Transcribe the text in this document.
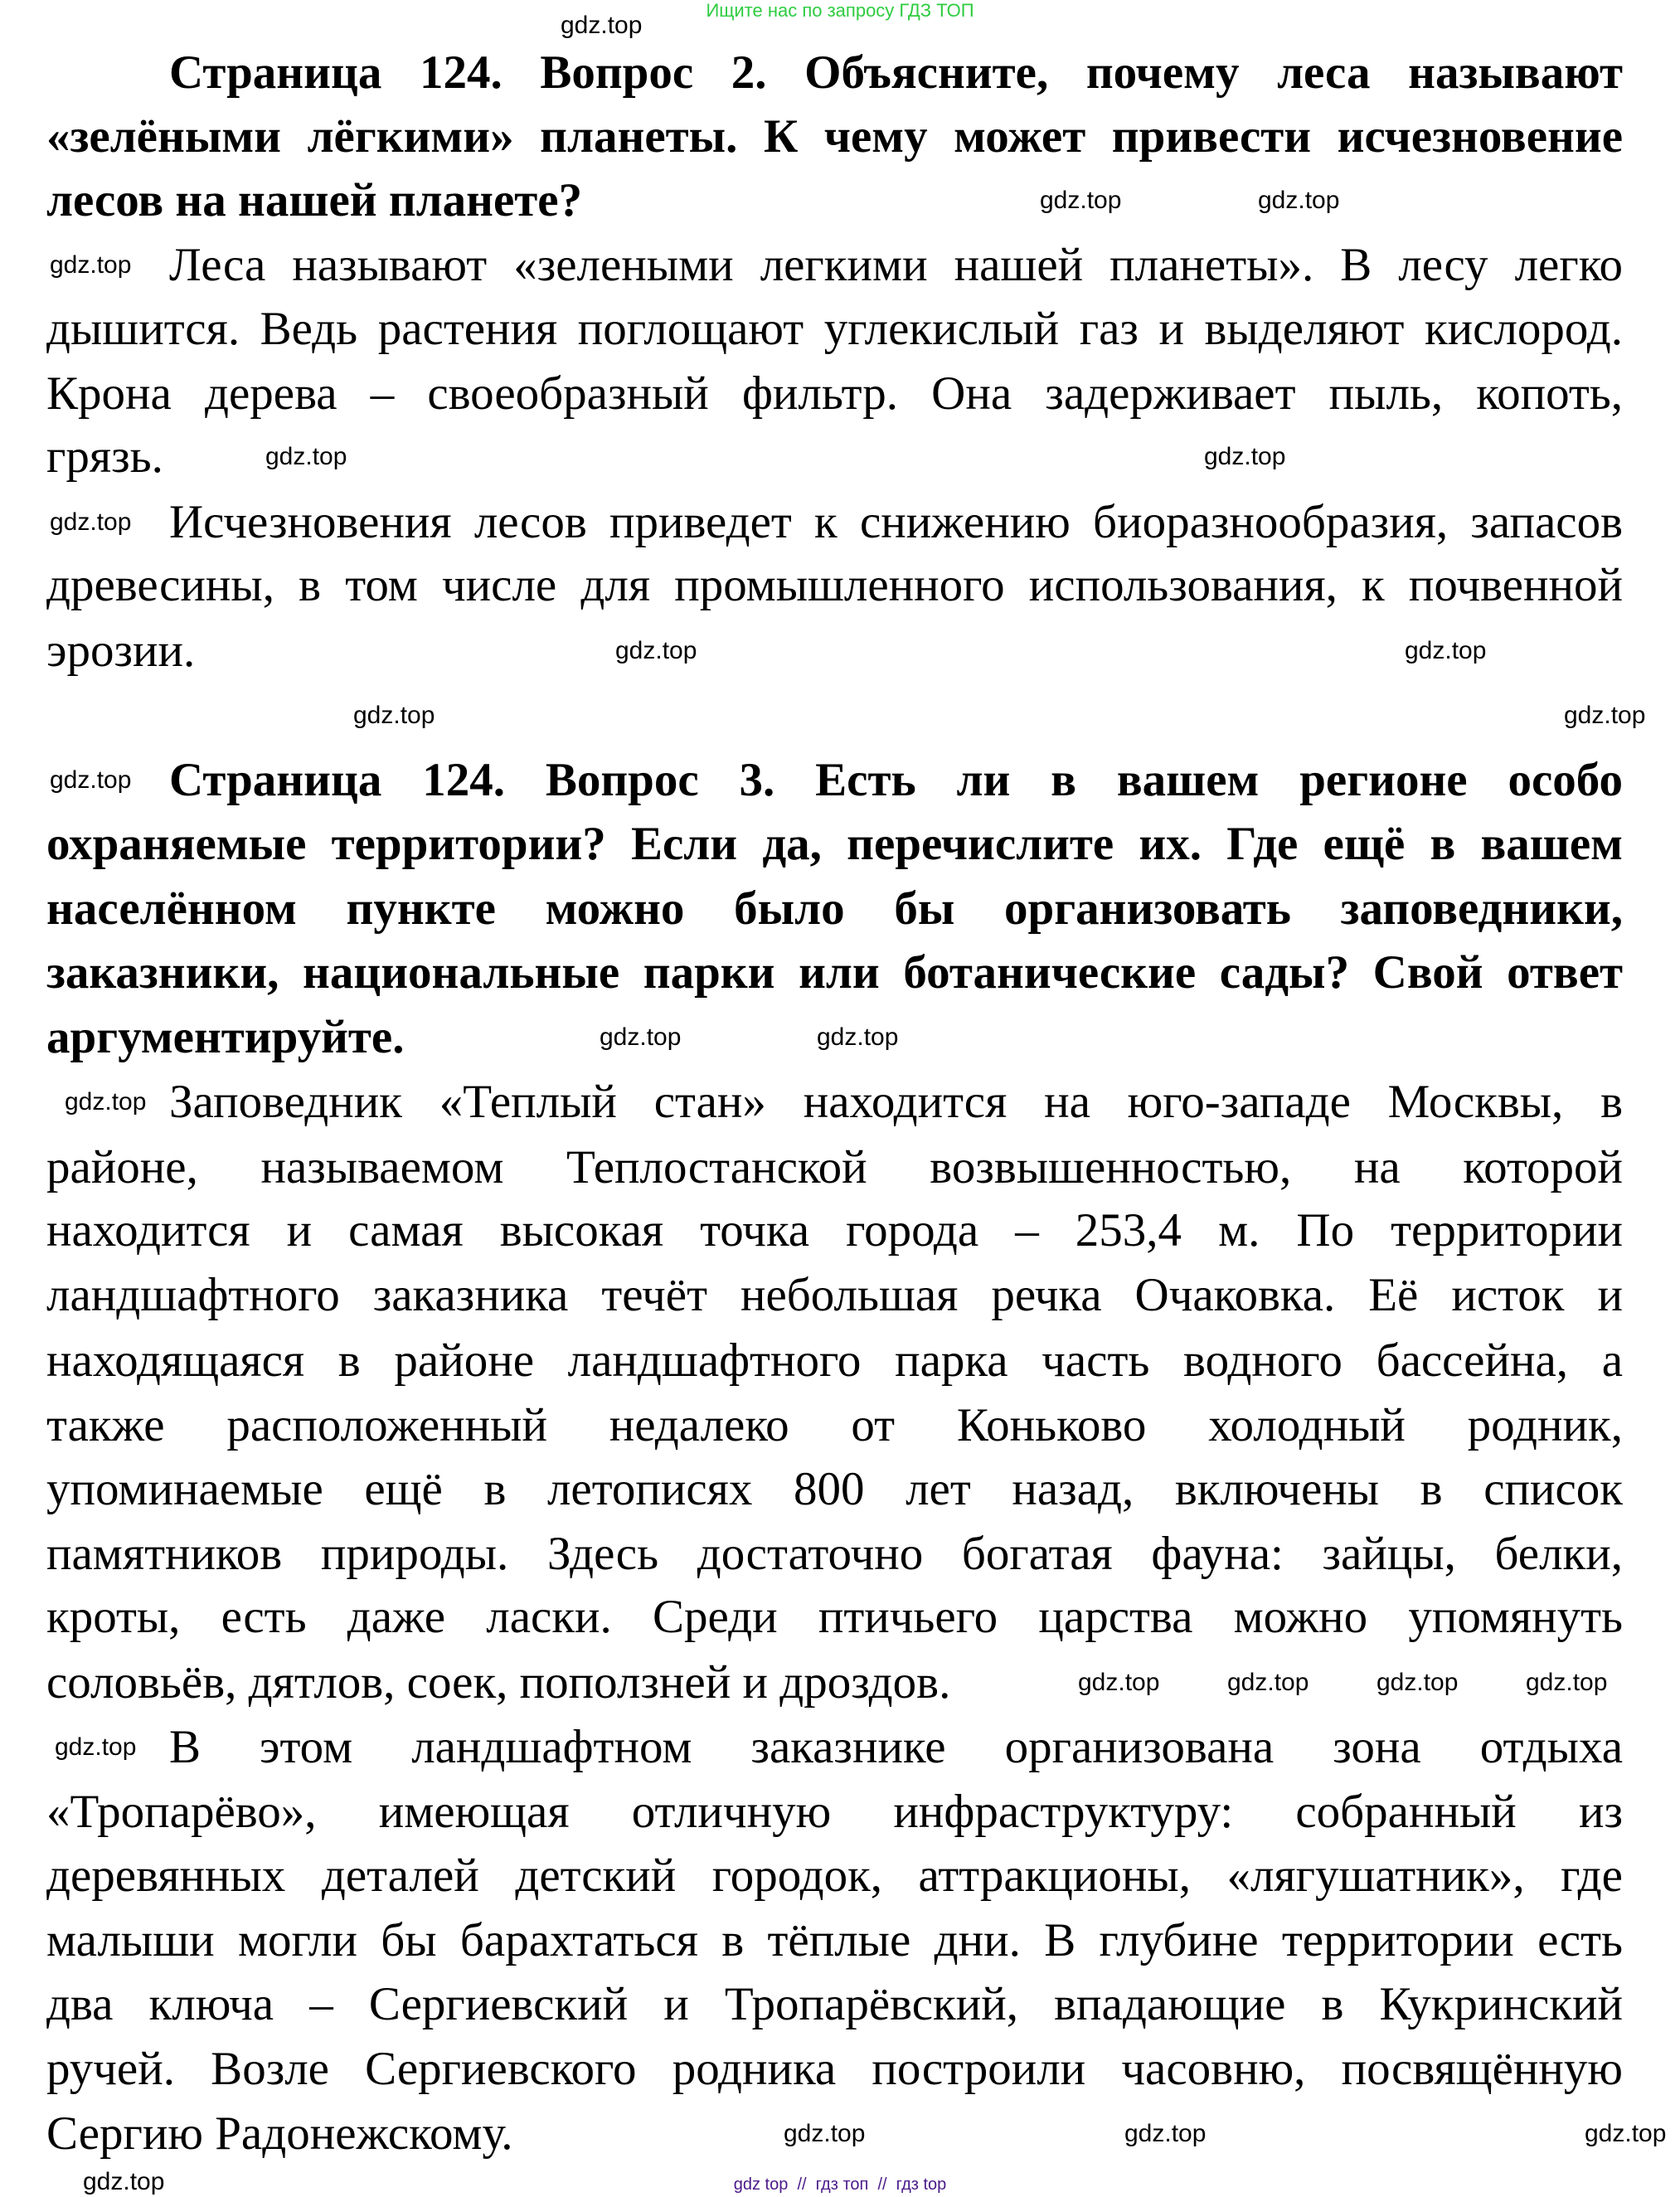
Ищите нас по запросу ГДЗ ТОП
Страница 124. Вопрос 2. Объясните, почему леса называют
«зелёными лёгкими» планеты. К чему может привести исчезновение
лесов на нашей планете?
Леса называют «зелеными легкими нашей планеты». В лесу легко
дышится. Ведь растения поглощают углекислый газ и выделяют кислород.
Крона дерева – своеобразный фильтр. Она задерживает пыль, копоть,
грязь.
Исчезновения лесов приведет к снижению биоразнообразия, запасов
древесины, в том числе для промышленного использования, к почвенной
эрозии.
Страница 124. Вопрос 3. Есть ли в вашем регионе особо
охраняемые территории? Если да, перечислите их. Где ещё в вашем
населённом пункте можно было бы организовать заповедники,
заказники, национальные парки или ботанические сады? Свой ответ
аргументируйте.
Заповедник «Теплый стан» находится на юго-западе Москвы, в
районе, называемом Теплостанской возвышенностью, на которой
находится и самая высокая точка города – 253,4 м. По территории
ландшафтного заказника течёт небольшая речка Очаковка. Её исток и
находящаяся в районе ландшафтного парка часть водного бассейна, а
также расположенный недалеко от Коньково холодный родник,
упоминаемые ещё в летописях 800 лет назад, включены в список
памятников природы. Здесь достаточно богатая фауна: зайцы, белки,
кроты, есть даже ласки. Среди птичьего царства можно упомянуть
соловьёв, дятлов, соек, поползней и дроздов.
В этом ландшафтном заказнике организована зона отдыха
«Тропарёво», имеющая отличную инфраструктуру: собранный из
деревянных деталей детский городок, аттракционы, «лягушатник», где
малыши могли бы барахтаться в тёплые дни. В глубине территории есть
два ключа – Сергиевский и Тропарёвский, впадающие в Кукринский
ручей. Возле Сергиевского родника построили часовню, посвящённую
Сергию Радонежскому.
gdz.top
gdz.top
gdz.top
gdz.top
gdz.top	gdz.top
gdz.top
gdz.top
gdz.top	gdz.top
gdz.top	gdz.top
gdz.top
gdz.top	gdz.top
gdz.top
gdz.top	gdz.top
gdz.top
gdz.top
gdz.top
gdz.top
gdz.top
gdz.top
gdz top  //  гдз топ  //  гдз top
